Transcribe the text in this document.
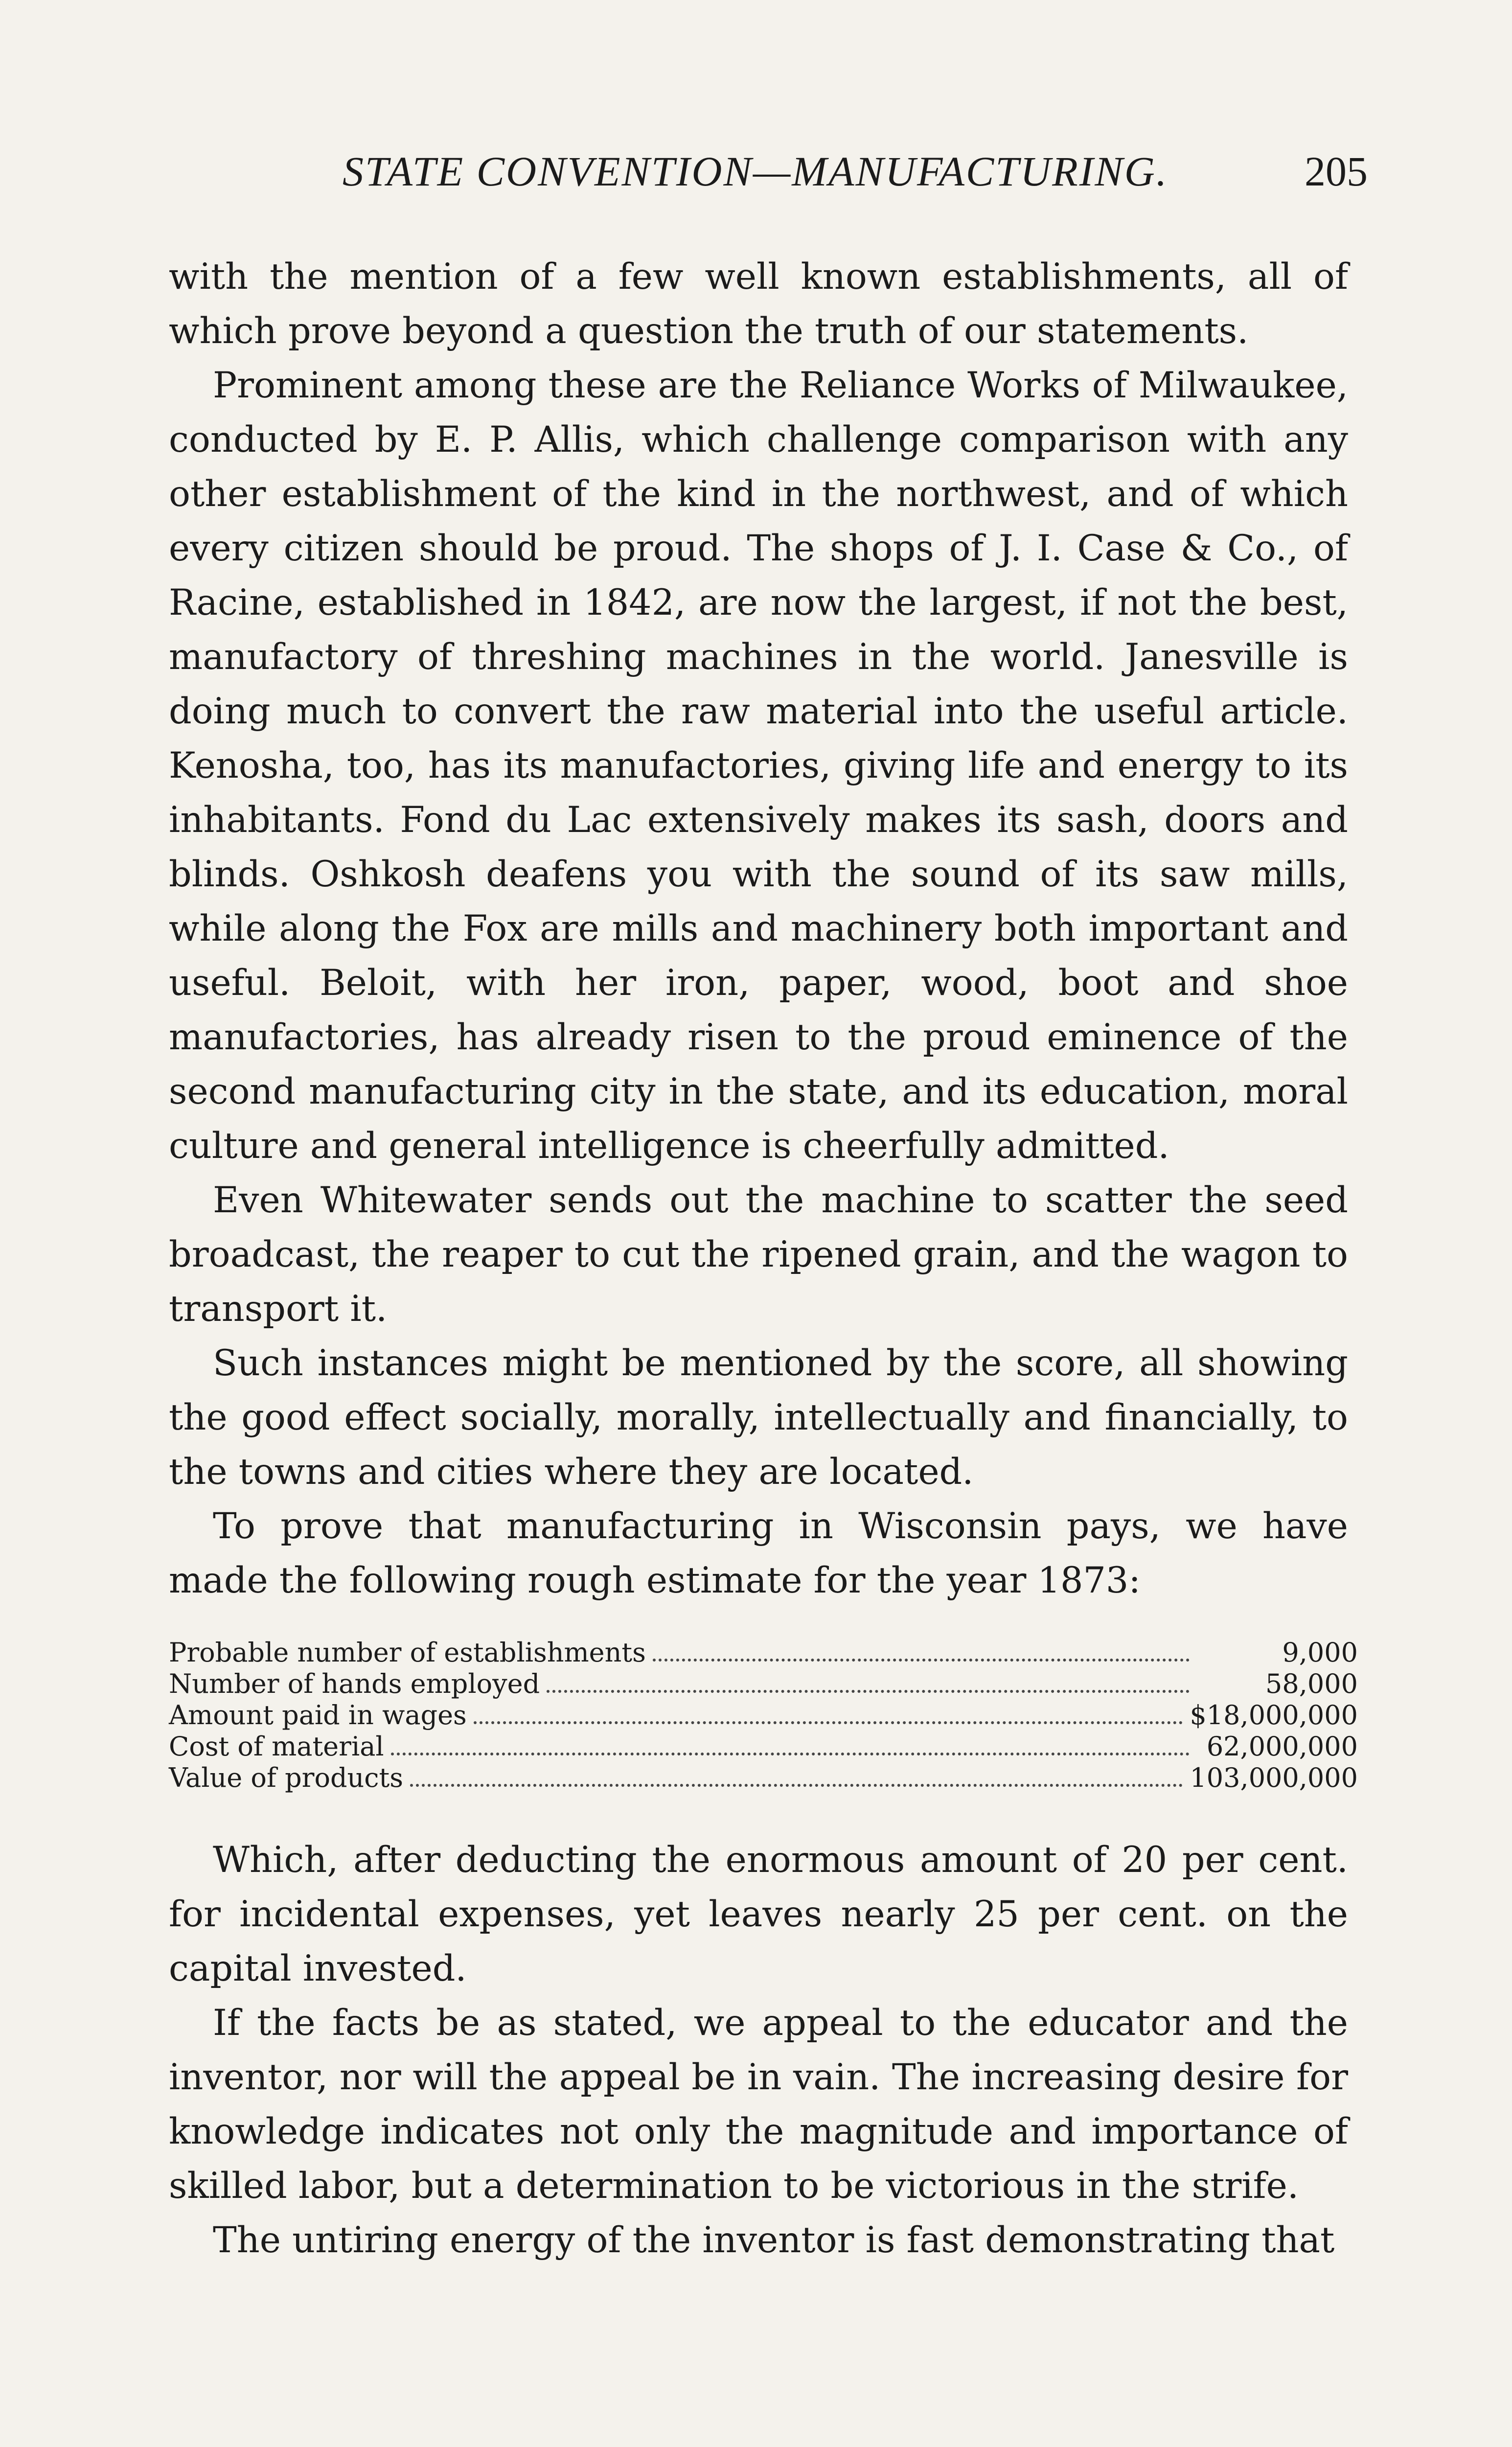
STATE CONVENTION—MANUFACTURING.	205

with the mention of a few well known establishments, all of which prove beyond a question the truth of our statements.

Prominent among these are the Reliance Works of Milwaukee, conducted by E. P. Allis, which challenge comparison with any other establishment of the kind in the northwest, and of which every citizen should be proud. The shops of J. I. Case & Co., of Racine, established in 1842, are now the largest, if not the best, manufactory of threshing machines in the world. Janesville is doing much to convert the raw material into the useful article. Kenosha, too, has its manufactories, giving life and energy to its inhabitants. Fond du Lac extensively makes its sash, doors and blinds. Oshkosh deafens you with the sound of its saw mills, while along the Fox are mills and machinery both important and useful. Beloit, with her iron, paper, wood, boot and shoe manufactories, has already risen to the proud eminence of the second manufacturing city in the state, and its education, moral culture and general intelligence is cheerfully admitted.

Even Whitewater sends out the machine to scatter the seed broadcast, the reaper to cut the ripened grain, and the wagon to transport it.

Such instances might be mentioned by the score, all showing the good effect socially, morally, intellectually and financially, to the towns and cities where they are located.

To prove that manufacturing in Wisconsin pays, we have made the following rough estimate for the year 1873:

Probable number of establishments	9,000
Number of hands employed	58,000
Amount paid in wages	$18,000,000
Cost of material	62,000,000
Value of products	103,000,000

Which, after deducting the enormous amount of 20 per cent. for incidental expenses, yet leaves nearly 25 per cent. on the capital invested.

If the facts be as stated, we appeal to the educator and the inventor, nor will the appeal be in vain. The increasing desire for knowledge indicates not only the magnitude and importance of skilled labor, but a determination to be victorious in the strife.

The untiring energy of the inventor is fast demonstrating that
